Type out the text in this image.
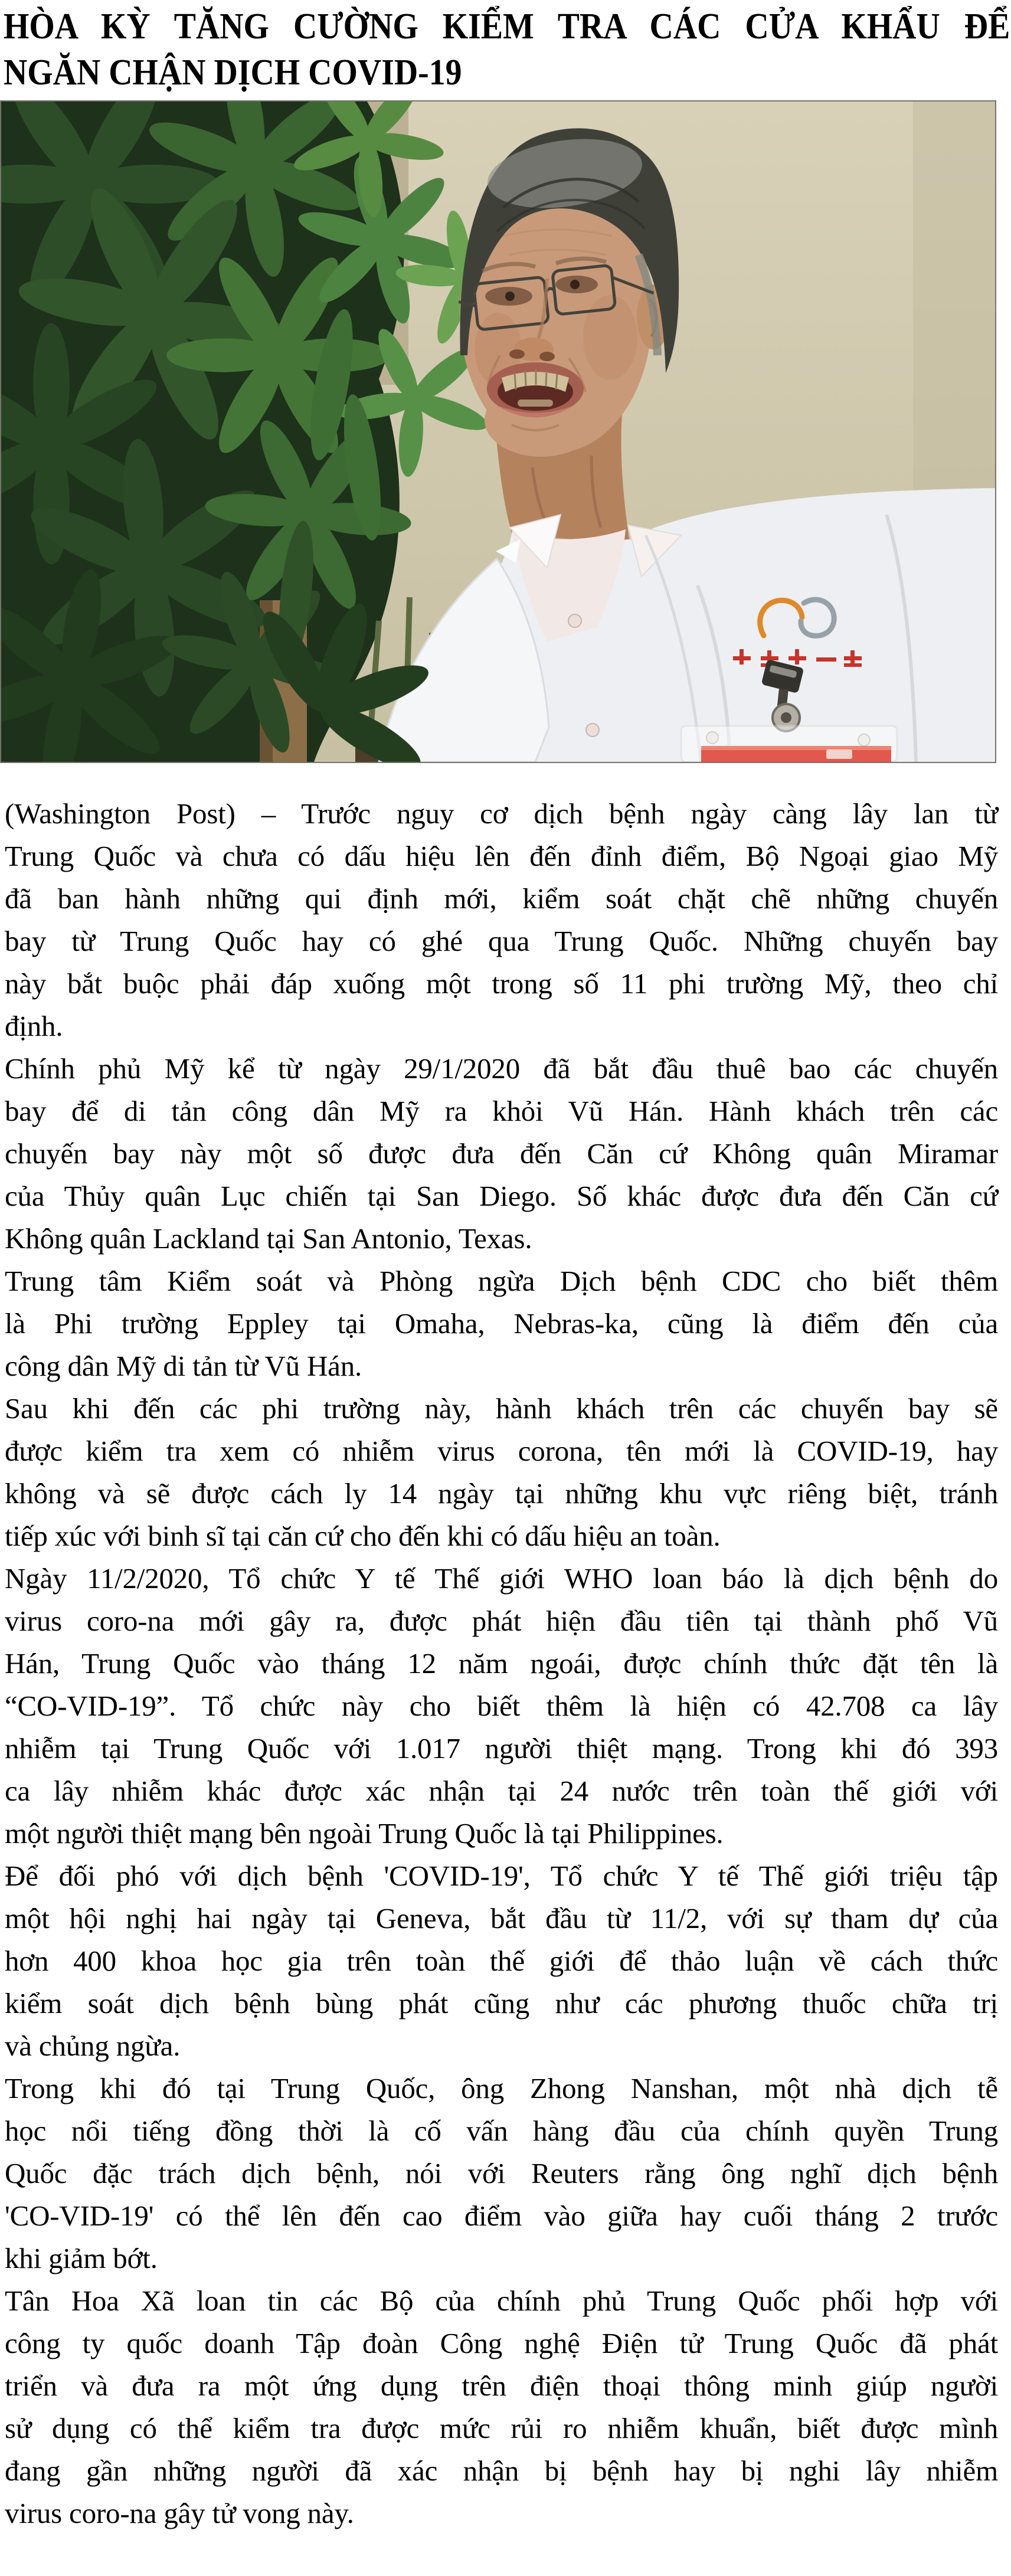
HÒA KỲ TĂNG CƯỜNG KIỂM TRA CÁC CỬA KHẨU ĐỂ
NGĂN CHẬN DỊCH COVID-19
(Washington Post) – Trước nguy cơ dịch bệnh ngày càng lây lan từ
Trung Quốc và chưa có dấu hiệu lên đến đỉnh điểm, Bộ Ngoại giao Mỹ
đã ban hành những qui định mới, kiểm soát chặt chẽ những chuyến
bay từ Trung Quốc hay có ghé qua Trung Quốc. Những chuyến bay
này bắt buộc phải đáp xuống một trong số 11 phi trường Mỹ, theo chỉ
định.
Chính phủ Mỹ kể từ ngày 29/1/2020 đã bắt đầu thuê bao các chuyến
bay để di tản công dân Mỹ ra khỏi Vũ Hán. Hành khách trên các
chuyến bay này một số được đưa đến Căn cứ Không quân Miramar
của Thủy quân Lục chiến tại San Diego. Số khác được đưa đến Căn cứ
Không quân Lackland tại San Antonio, Texas.
Trung tâm Kiểm soát và Phòng ngừa Dịch bệnh CDC cho biết thêm
là Phi trường Eppley tại Omaha, Nebras-ka, cũng là điểm đến của
công dân Mỹ di tản từ Vũ Hán.
Sau khi đến các phi trường này, hành khách trên các chuyến bay sẽ
được kiểm tra xem có nhiễm virus corona, tên mới là COVID-19, hay
không và sẽ được cách ly 14 ngày tại những khu vực riêng biệt, tránh
tiếp xúc với binh sĩ tại căn cứ cho đến khi có dấu hiệu an toàn.
Ngày 11/2/2020, Tổ chức Y tế Thế giới WHO loan báo là dịch bệnh do
virus coro-na mới gây ra, được phát hiện đầu tiên tại thành phố Vũ
Hán, Trung Quốc vào tháng 12 năm ngoái, được chính thức đặt tên là
“CO-VID-19”. Tổ chức này cho biết thêm là hiện có 42.708 ca lây
nhiễm tại Trung Quốc với 1.017 người thiệt mạng. Trong khi đó 393
ca lây nhiễm khác được xác nhận tại 24 nước trên toàn thế giới với
một người thiệt mạng bên ngoài Trung Quốc là tại Philippines.
Để đối phó với dịch bệnh 'COVID-19', Tổ chức Y tế Thế giới triệu tập
một hội nghị hai ngày tại Geneva, bắt đầu từ 11/2, với sự tham dự của
hơn 400 khoa học gia trên toàn thế giới để thảo luận về cách thức
kiểm soát dịch bệnh bùng phát cũng như các phương thuốc chữa trị
và chủng ngừa.
Trong khi đó tại Trung Quốc, ông Zhong Nanshan, một nhà dịch tễ
học nổi tiếng đồng thời là cố vấn hàng đầu của chính quyền Trung
Quốc đặc trách dịch bệnh, nói với Reuters rằng ông nghĩ dịch bệnh
'CO-VID-19' có thể lên đến cao điểm vào giữa hay cuối tháng 2 trước
khi giảm bớt.
Tân Hoa Xã loan tin các Bộ của chính phủ Trung Quốc phối hợp với
công ty quốc doanh Tập đoàn Công nghệ Điện tử Trung Quốc đã phát
triển và đưa ra một ứng dụng trên điện thoại thông minh giúp người
sử dụng có thể kiểm tra được mức rủi ro nhiễm khuẩn, biết được mình
đang gần những người đã xác nhận bị bệnh hay bị nghi lây nhiễm
virus coro-na gây tử vong này.
